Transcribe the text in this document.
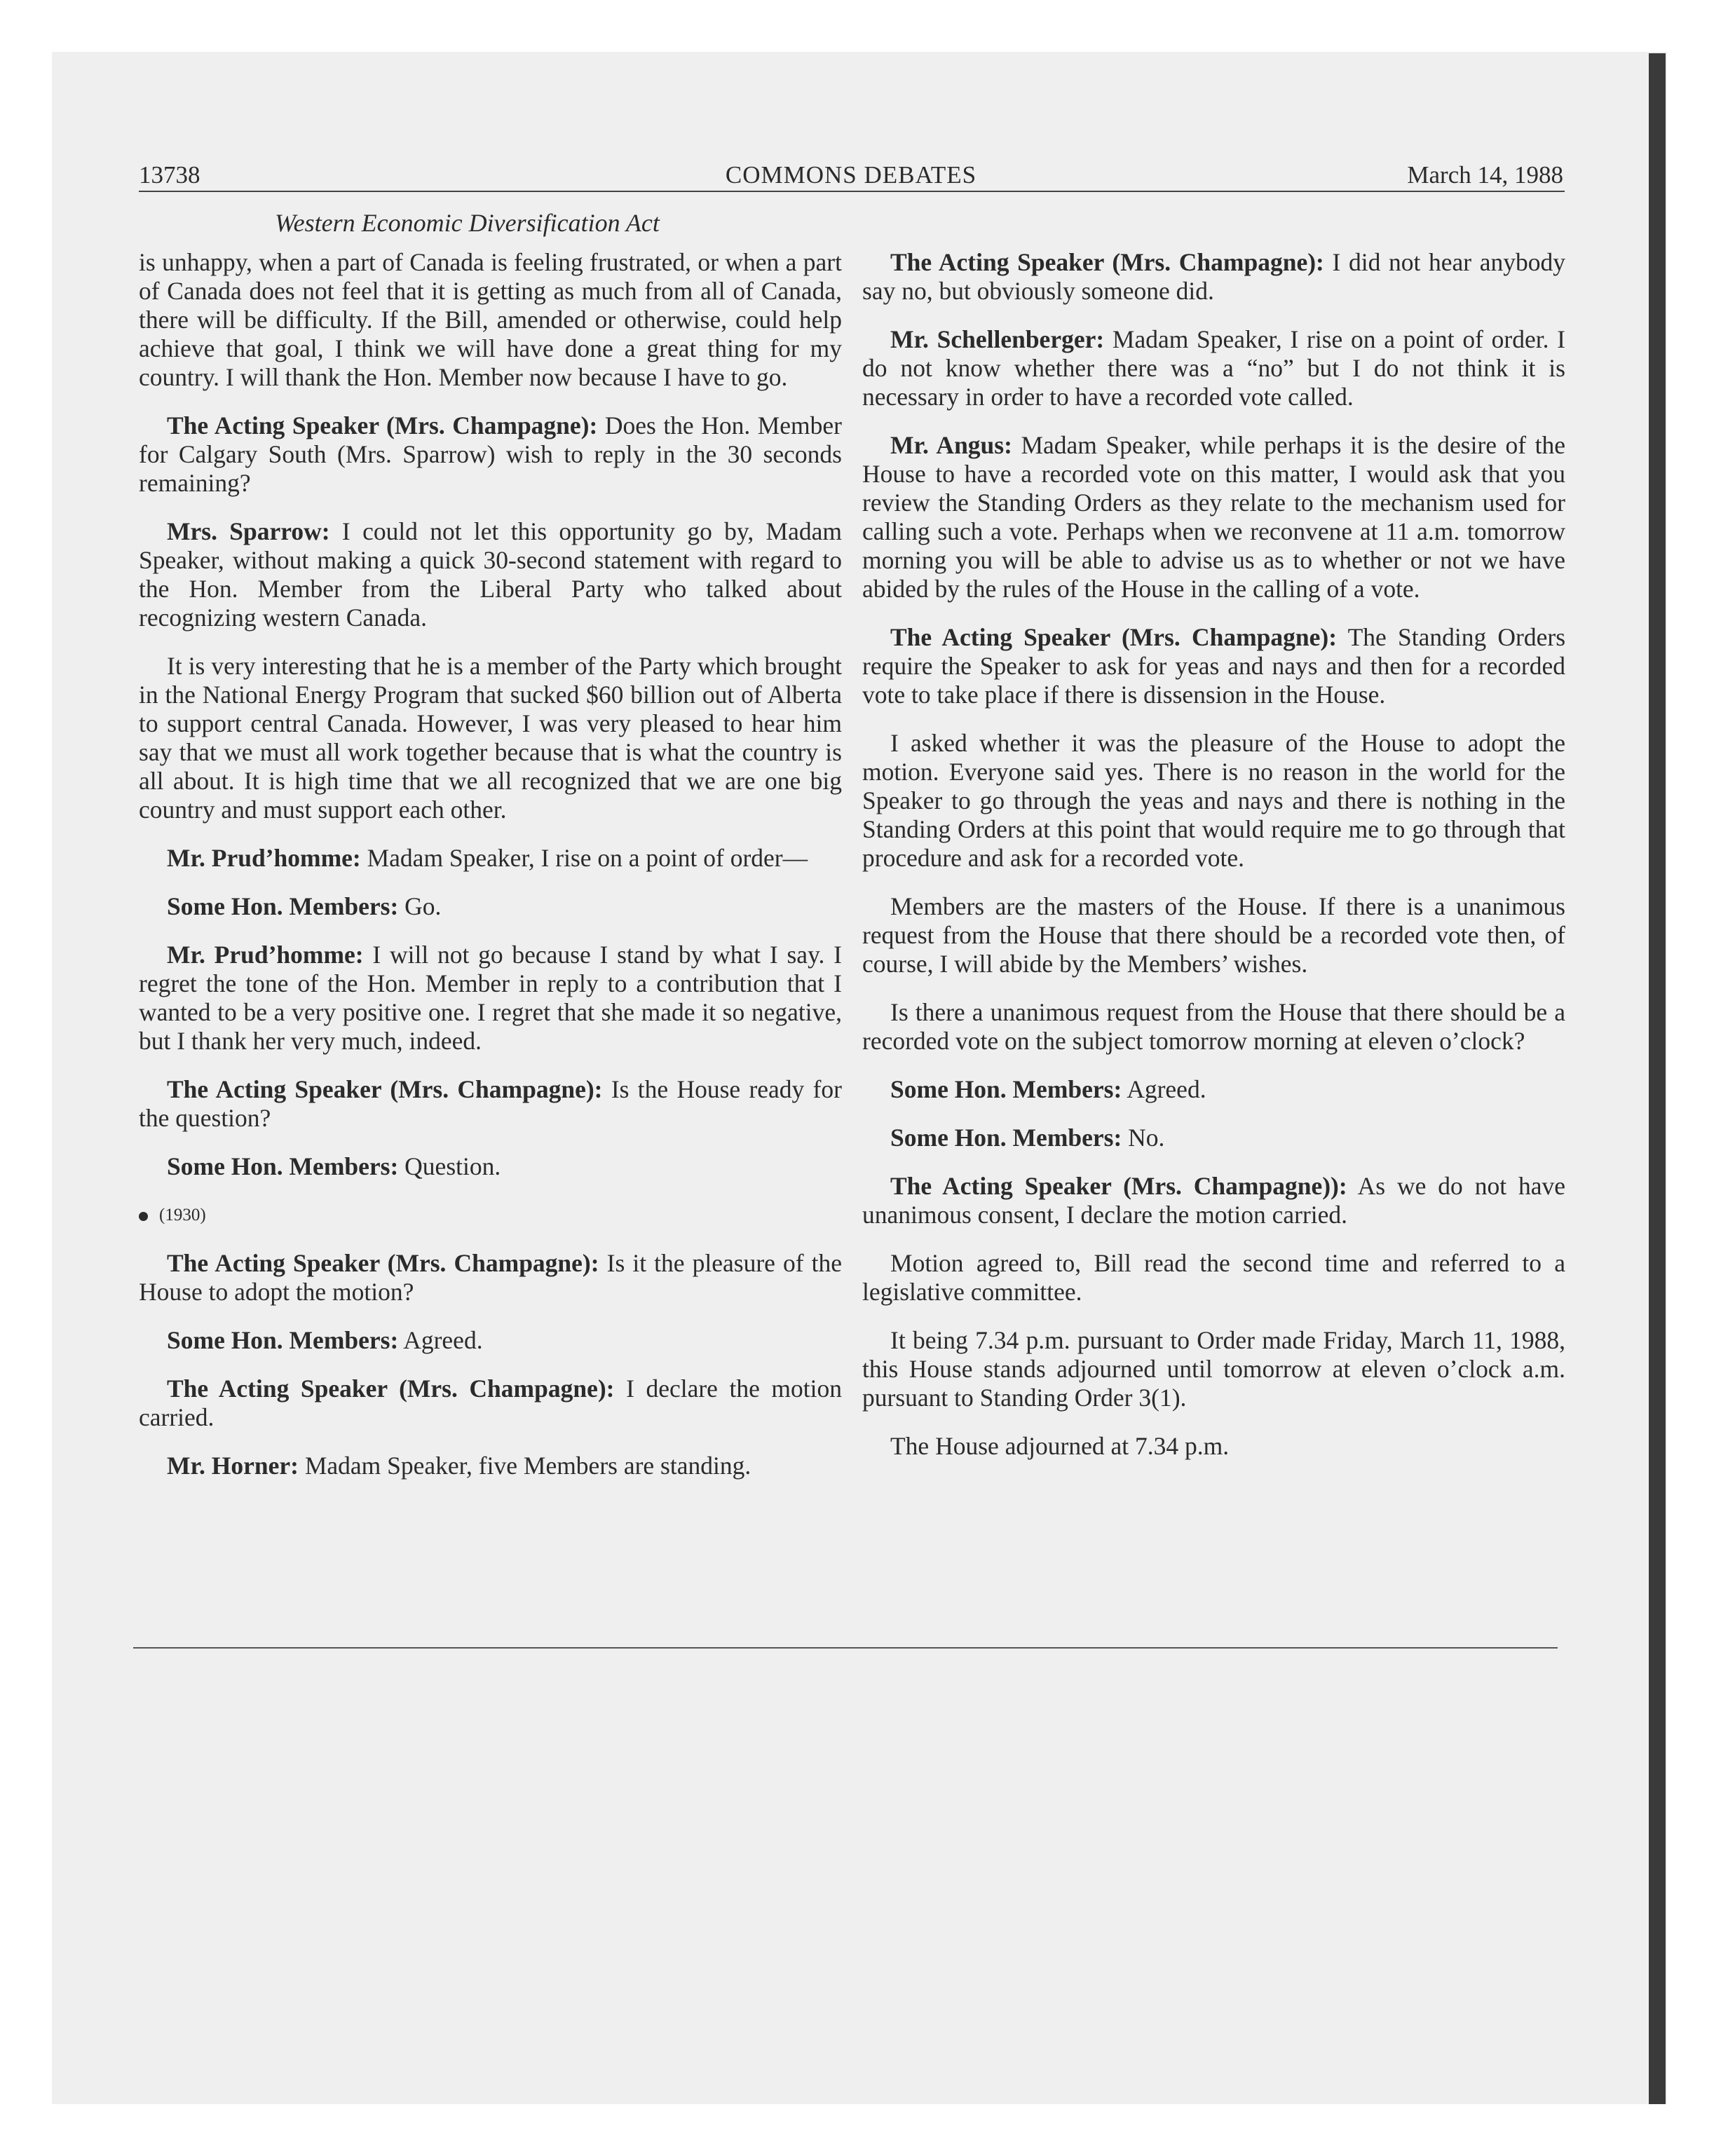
13738	COMMONS DEBATES	March 14, 1988
Western Economic Diversification Act

is unhappy, when a part of Canada is feeling frustrated, or when a part of Canada does not feel that it is getting as much from all of Canada, there will be difficulty. If the Bill, amended or otherwise, could help achieve that goal, I think we will have done a great thing for my country. I will thank the Hon. Member now because I have to go.

The Acting Speaker (Mrs. Champagne): Does the Hon. Member for Calgary South (Mrs. Sparrow) wish to reply in the 30 seconds remaining?

Mrs. Sparrow: I could not let this opportunity go by, Madam Speaker, without making a quick 30-second statement with regard to the Hon. Member from the Liberal Party who talked about recognizing western Canada.

It is very interesting that he is a member of the Party which brought in the National Energy Program that sucked $60 billion out of Alberta to support central Canada. However, I was very pleased to hear him say that we must all work together because that is what the country is all about. It is high time that we all recognized that we are one big country and must support each other.

Mr. Prud’homme: Madam Speaker, I rise on a point of order—

Some Hon. Members: Go.

Mr. Prud’homme: I will not go because I stand by what I say. I regret the tone of the Hon. Member in reply to a contribution that I wanted to be a very positive one. I regret that she made it so negative, but I thank her very much, indeed.

The Acting Speaker (Mrs. Champagne): Is the House ready for the question?

Some Hon. Members: Question.

(1930)

The Acting Speaker (Mrs. Champagne): Is it the pleasure of the House to adopt the motion?

Some Hon. Members: Agreed.

The Acting Speaker (Mrs. Champagne): I declare the motion carried.

Mr. Horner: Madam Speaker, five Members are standing.

The Acting Speaker (Mrs. Champagne): I did not hear anybody say no, but obviously someone did.

Mr. Schellenberger: Madam Speaker, I rise on a point of order. I do not know whether there was a “no” but I do not think it is necessary in order to have a recorded vote called.

Mr. Angus: Madam Speaker, while perhaps it is the desire of the House to have a recorded vote on this matter, I would ask that you review the Standing Orders as they relate to the mechanism used for calling such a vote. Perhaps when we reconvene at 11 a.m. tomorrow morning you will be able to advise us as to whether or not we have abided by the rules of the House in the calling of a vote.

The Acting Speaker (Mrs. Champagne): The Standing Orders require the Speaker to ask for yeas and nays and then for a recorded vote to take place if there is dissension in the House.

I asked whether it was the pleasure of the House to adopt the motion. Everyone said yes. There is no reason in the world for the Speaker to go through the yeas and nays and there is nothing in the Standing Orders at this point that would require me to go through that procedure and ask for a recorded vote.

Members are the masters of the House. If there is a unanimous request from the House that there should be a recorded vote then, of course, I will abide by the Members’ wishes.

Is there a unanimous request from the House that there should be a recorded vote on the subject tomorrow morning at eleven o’clock?

Some Hon. Members: Agreed.

Some Hon. Members: No.

The Acting Speaker (Mrs. Champagne)): As we do not have unanimous consent, I declare the motion carried.

Motion agreed to, Bill read the second time and referred to a legislative committee.

It being 7.34 p.m. pursuant to Order made Friday, March 11, 1988, this House stands adjourned until tomorrow at eleven o’clock a.m. pursuant to Standing Order 3(1).

The House adjourned at 7.34 p.m.
